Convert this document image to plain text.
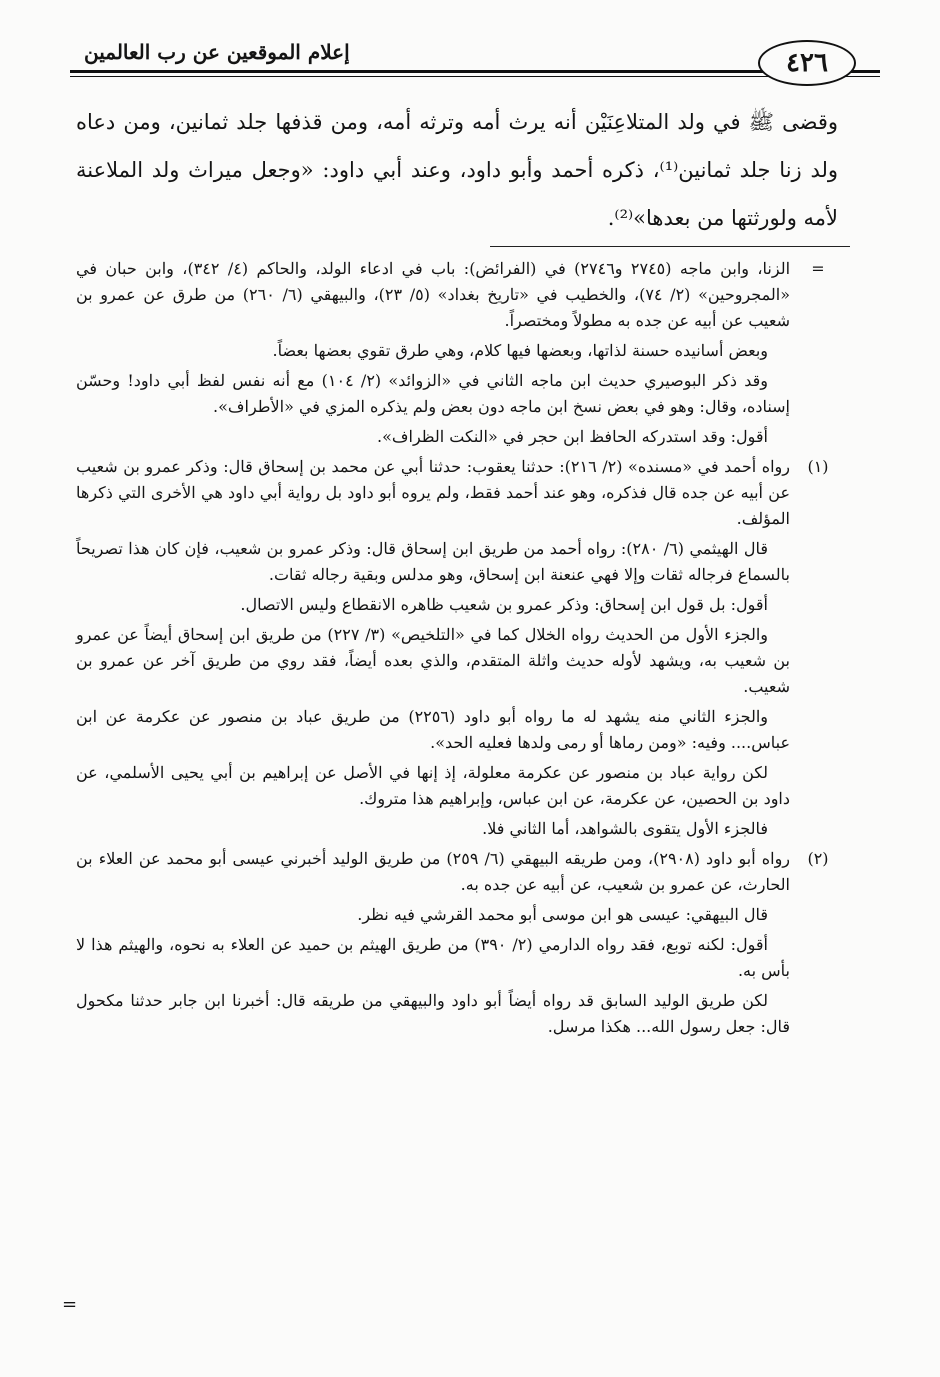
٤٢٦
إعلام الموقعين عن رب العالمين

وقضى ﷺ في ولد المتلاعِنَيْن أنه يرث أمه وترثه أمه، ومن قذفها جلد ثمانين، ومن دعاه ولد زنا جلد ثمانين⁽¹⁾، ذكره أحمد وأبو داود، وعند أبي داود: «وجعل ميراث ولد الملاعنة لأمه ولورثتها من بعدها»⁽²⁾.

=

الزنا، وابن ماجه (٢٧٤٥ و٢٧٤٦) في (الفرائض): باب في ادعاء الولد، والحاكم (٤/ ٣٤٢)، وابن حبان في «المجروحين» (٢/ ٧٤)، والخطيب في «تاريخ بغداد» (٥/ ٢٣)، والبيهقي (٦/ ٢٦٠) من طرق عن عمرو بن شعيب عن أبيه عن جده به مطولاً ومختصراً.

وبعض أسانيده حسنة لذاتها، وبعضها فيها كلام، وهي طرق تقوي بعضها بعضاً.

وقد ذكر البوصيري حديث ابن ماجه الثاني في «الزوائد» (٢/ ١٠٤) مع أنه نفس لفظ أبي داود! وحسّن إسناده، وقال: وهو في بعض نسخ ابن ماجه دون بعض ولم يذكره المزي في «الأطراف».

أقول: وقد استدركه الحافظ ابن حجر في «النكت الظراف».

(١)

رواه أحمد في «مسنده» (٢/ ٢١٦): حدثنا يعقوب: حدثنا أبي عن محمد بن إسحاق قال: وذكر عمرو بن شعيب عن أبيه عن جده قال فذكره، وهو عند أحمد فقط، ولم يروه أبو داود بل رواية أبي داود هي الأخرى التي ذكرها المؤلف.

قال الهيثمي (٦/ ٢٨٠): رواه أحمد من طريق ابن إسحاق قال: وذكر عمرو بن شعيب، فإن كان هذا تصريحاً بالسماع فرجاله ثقات وإلا فهي عنعنة ابن إسحاق، وهو مدلس وبقية رجاله ثقات.

أقول: بل قول ابن إسحاق: وذكر عمرو بن شعيب ظاهره الانقطاع وليس الاتصال.

والجزء الأول من الحديث رواه الخلال كما في «التلخيص» (٣/ ٢٢٧) من طريق ابن إسحاق أيضاً عن عمرو بن شعيب به، ويشهد لأوله حديث واثلة المتقدم، والذي بعده أيضاً، فقد روي من طريق آخر عن عمرو بن شعيب.

والجزء الثاني منه يشهد له ما رواه أبو داود (٢٢٥٦) من طريق عباد بن منصور عن عكرمة عن ابن عباس.... وفيه: «ومن رماها أو رمى ولدها فعليه الحد».

لكن رواية عباد بن منصور عن عكرمة معلولة، إذ إنها في الأصل عن إبراهيم بن أبي يحيى الأسلمي، عن داود بن الحصين، عن عكرمة، عن ابن عباس، وإبراهيم هذا متروك.

فالجزء الأول يتقوى بالشواهد، أما الثاني فلا.

(٢)

رواه أبو داود (٢٩٠٨)، ومن طريقه البيهقي (٦/ ٢٥٩) من طريق الوليد أخبرني عيسى أبو محمد عن العلاء بن الحارث، عن عمرو بن شعيب، عن أبيه عن جده به.

قال البيهقي: عيسى هو ابن موسى أبو محمد القرشي فيه نظر.

أقول: لكنه توبع، فقد رواه الدارمي (٢/ ٣٩٠) من طريق الهيثم بن حميد عن العلاء به نحوه، والهيثم هذا لا بأس به.

لكن طريق الوليد السابق قد رواه أيضاً أبو داود والبيهقي من طريقه قال: أخبرنا ابن جابر حدثنا مكحول قال: جعل رسول الله... هكذا مرسل.

=
